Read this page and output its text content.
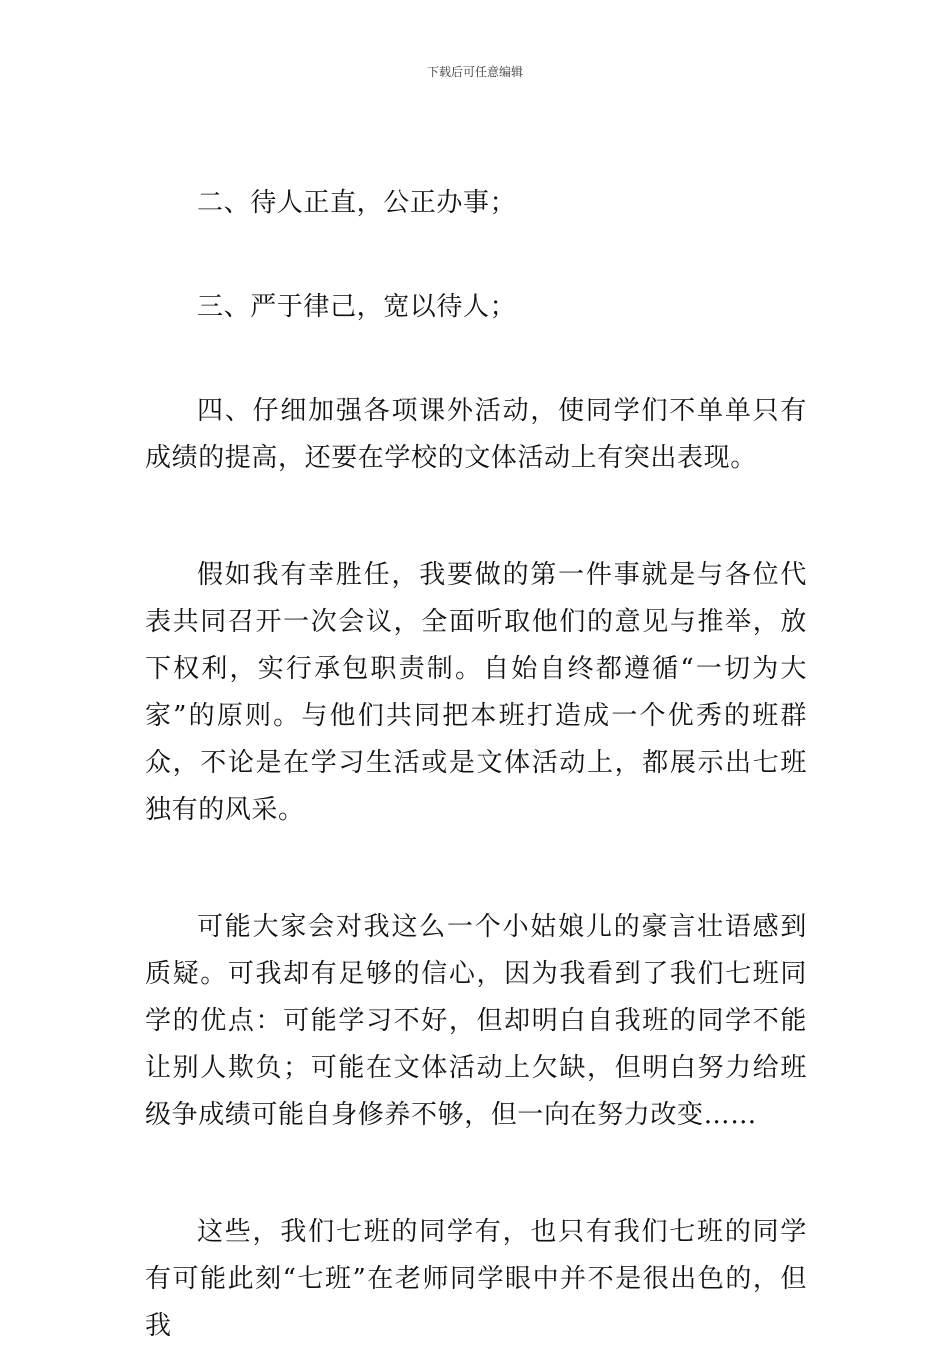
下载后可任意编辑

二、待人正直，公正办事；

三、严于律己，宽以待人；

四、仔细加强各项课外活动，使同学们不单单只有成绩的提高，还要在学校的文体活动上有突出表现。

假如我有幸胜任，我要做的第一件事就是与各位代表共同召开一次会议，全面听取他们的意见与推举，放下权利，实行承包职责制。自始自终都遵循“一切为大家”的原则。与他们共同把本班打造成一个优秀的班群众，不论是在学习生活或是文体活动上，都展示出七班独有的风采。

可能大家会对我这么一个小姑娘儿的豪言壮语感到质疑。可我却有足够的信心，因为我看到了我们七班同学的优点：可能学习不好，但却明白自我班的同学不能让别人欺负；可能在文体活动上欠缺，但明白努力给班级争成绩可能自身修养不够，但一向在努力改变……

这些，我们七班的同学有，也只有我们七班的同学有可能此刻“七班”在老师同学眼中并不是很出色的，但我
